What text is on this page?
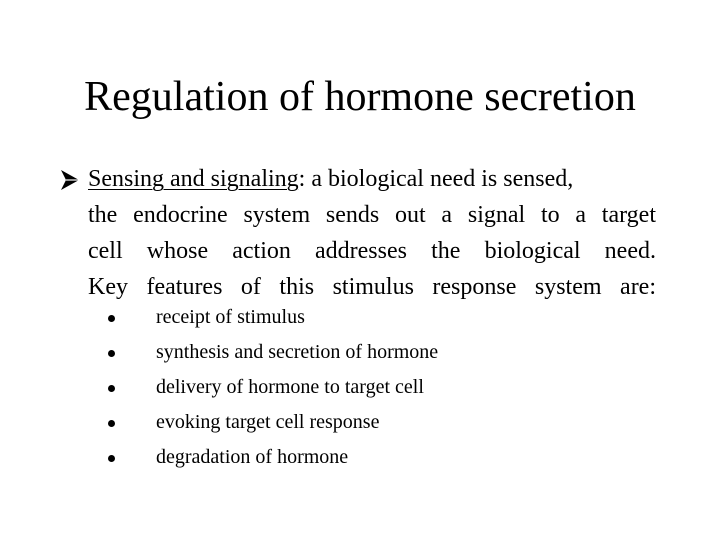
Regulation of hormone secretion
Sensing and signaling: a biological need is sensed,
the endocrine system sends out a signal to a target
cell whose action addresses the biological need.
Key features of this stimulus response system are:
receipt of stimulus
synthesis and secretion of hormone
delivery of hormone to target cell
evoking target cell response
degradation of hormone
